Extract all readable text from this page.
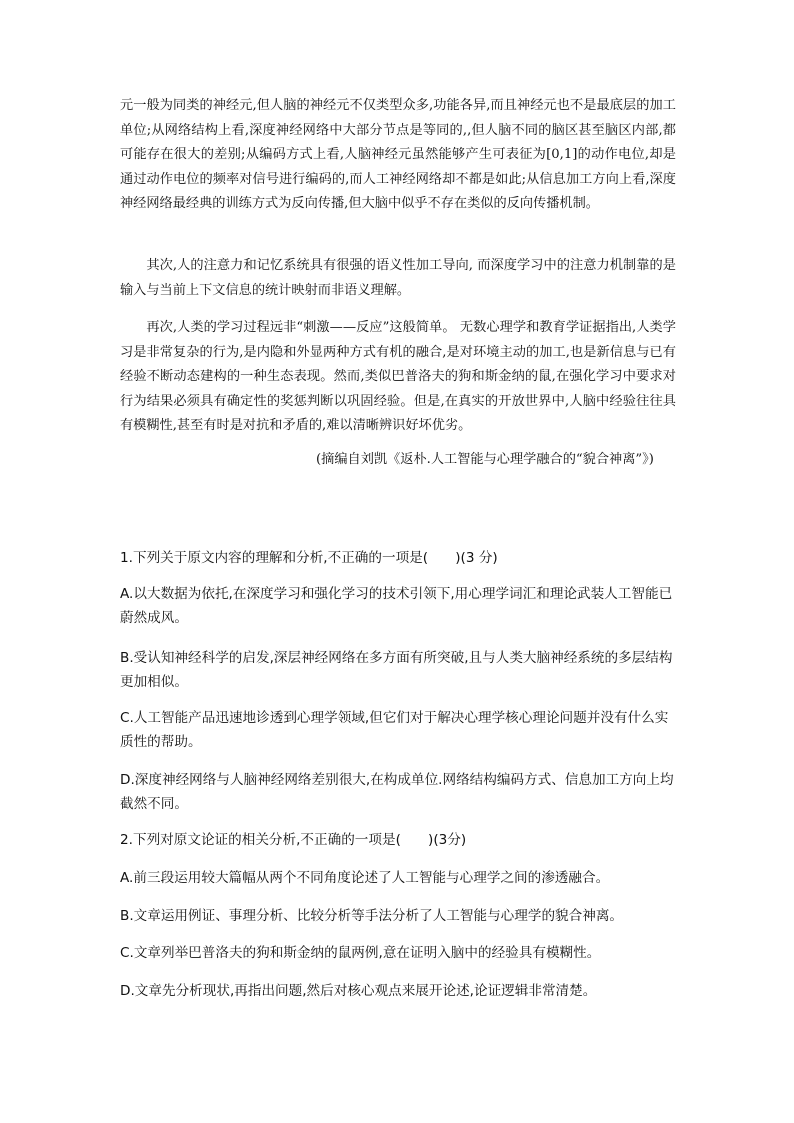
元一般为同类的神经元,但人脑的神经元不仅类型众多,功能各异,而且神经元也不是最底层的加工单位;从网络结构上看,深度神经网络中大部分节点是等同的,,但人脑不同的脑区甚至脑区内部,都可能存在很大的差别;从编码方式上看,人脑神经元虽然能够产生可表征为[0,1]的动作电位,却是通过动作电位的频率对信号进行编码的,而人工神经网络却不都是如此;从信息加工方向上看,深度神经网络最经典的训练方式为反向传播,但大脑中似乎不存在类似的反向传播机制。

其次,人的注意力和记忆系统具有很强的语义性加工导向, 而深度学习中的注意力机制靠的是输入与当前上下文信息的统计映射而非语义理解。

再次,人类的学习过程远非“刺激——反应”这般简单。 无数心理学和教育学证据指出,人类学习是非常复杂的行为,是内隐和外显两种方式有机的融合,是对环境主动的加工,也是新信息与已有经验不断动态建构的一种生态表现。然而,类似巴普洛夫的狗和斯金纳的鼠,在强化学习中要求对行为结果必须具有确定性的奖惩判断以巩固经验。但是,在真实的开放世界中,人脑中经验往往具有模糊性,甚至有时是对抗和矛盾的,难以清晰辨识好坏优劣。

(摘编自刘凯《返朴.人工智能与心理学融合的“貌合神离”》)

1.下列关于原文内容的理解和分析,不正确的一项是(　　)(3 分)

A.以大数据为依托,在深度学习和强化学习的技术引领下,用心理学词汇和理论武装人工智能已蔚然成风。

B.受认知神经科学的启发,深层神经网络在多方面有所突破,且与人类大脑神经系统的多层结构更加相似。

C.人工智能产品迅速地诊透到心理学领域,但它们对于解决心理学核心理论问题并没有什么实质性的帮助。

D.深度神经网络与人脑神经网络差别很大,在构成单位.网络结构编码方式、信息加工方向上均截然不同。

2.下列对原文论证的相关分析,不正确的一项是(　　)(3分)

A.前三段运用较大篇幅从两个不同角度论述了人工智能与心理学之间的渗透融合。

B.文章运用例证、事理分析、比较分析等手法分析了人工智能与心理学的貌合神离。

C.文章列举巴普洛夫的狗和斯金纳的鼠两例,意在证明入脑中的经验具有模糊性。

D.文章先分析现状,再指出问题,然后对核心观点来展开论述,论证逻辑非常清楚。
